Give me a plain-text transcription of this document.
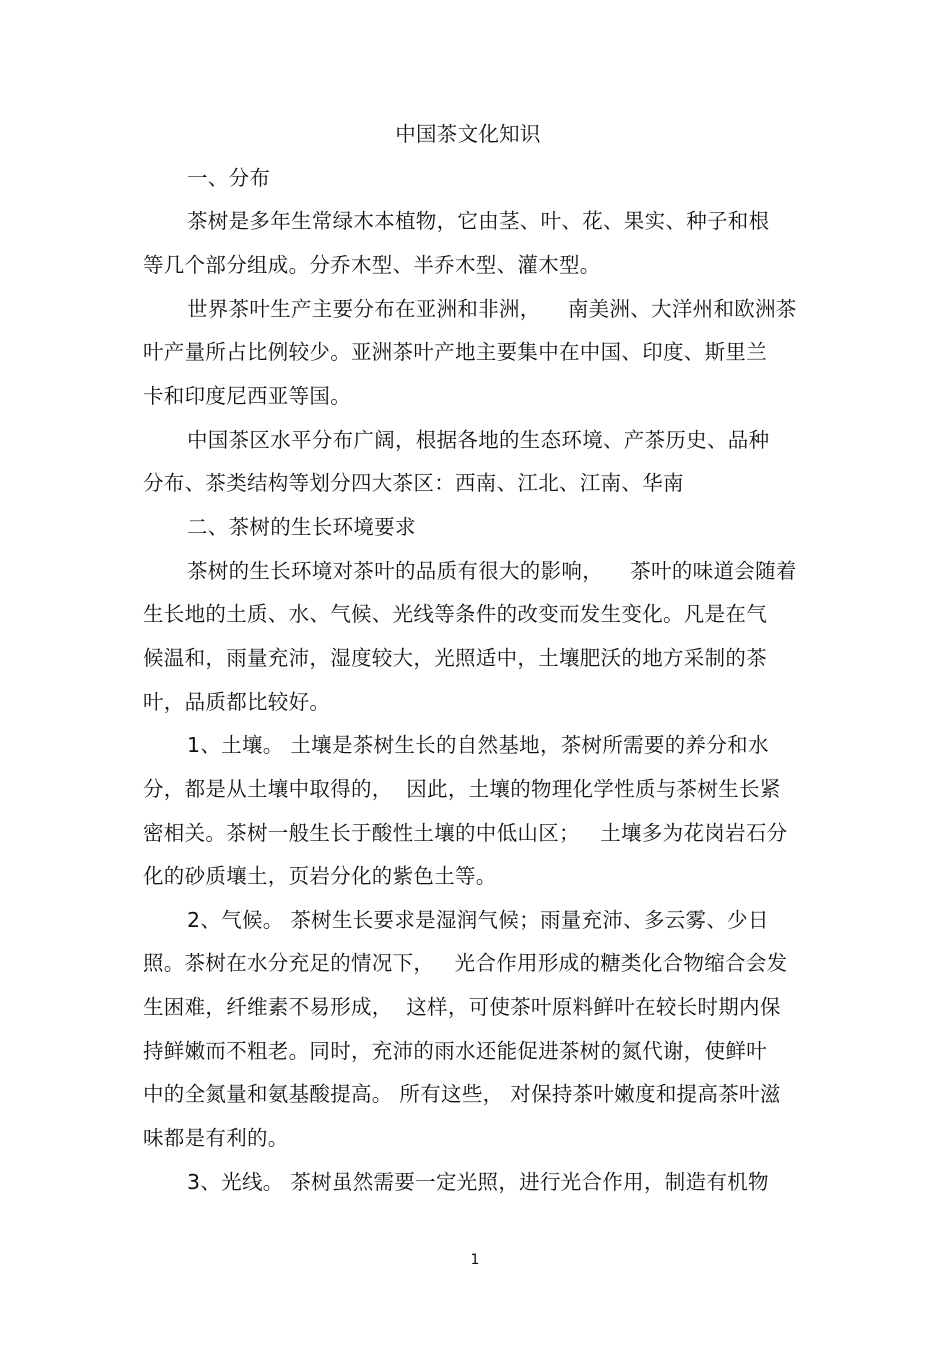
中国茶文化知识
一、分布
茶树是多年生常绿木本植物，它由茎、叶、花、果实、种子和根
等几个部分组成。分乔木型、半乔木型、灌木型。
世界茶叶生产主要分布在亚洲和非洲，    南美洲、大洋州和欧洲茶
叶产量所占比例较少。亚洲茶叶产地主要集中在中国、印度、斯里兰
卡和印度尼西亚等国。
中国茶区水平分布广阔，根据各地的生态环境、产茶历史、品种
分布、茶类结构等划分四大茶区：西南、江北、江南、华南
二、茶树的生长环境要求
茶树的生长环境对茶叶的品质有很大的影响，    茶叶的味道会随着
生长地的土质、水、气候、光线等条件的改变而发生变化。凡是在气
候温和，雨量充沛，湿度较大，光照适中，土壤肥沃的地方采制的茶
叶，品质都比较好。
1、土壤。 土壤是茶树生长的自然基地，茶树所需要的养分和水
分，都是从土壤中取得的，  因此，土壤的物理化学性质与茶树生长紧
密相关。茶树一般生长于酸性土壤的中低山区；   土壤多为花岗岩石分
化的砂质壤土，页岩分化的紫色土等。
2、气候。 茶树生长要求是湿润气候；雨量充沛、多云雾、少日
照。茶树在水分充足的情况下，   光合作用形成的糖类化合物缩合会发
生困难，纤维素不易形成，  这样，可使茶叶原料鲜叶在较长时期内保
持鲜嫩而不粗老。同时，充沛的雨水还能促进茶树的氮代谢，使鲜叶
中的全氮量和氨基酸提高。 所有这些， 对保持茶叶嫩度和提高茶叶滋
味都是有利的。
3、光线。 茶树虽然需要一定光照，进行光合作用，制造有机物
1
